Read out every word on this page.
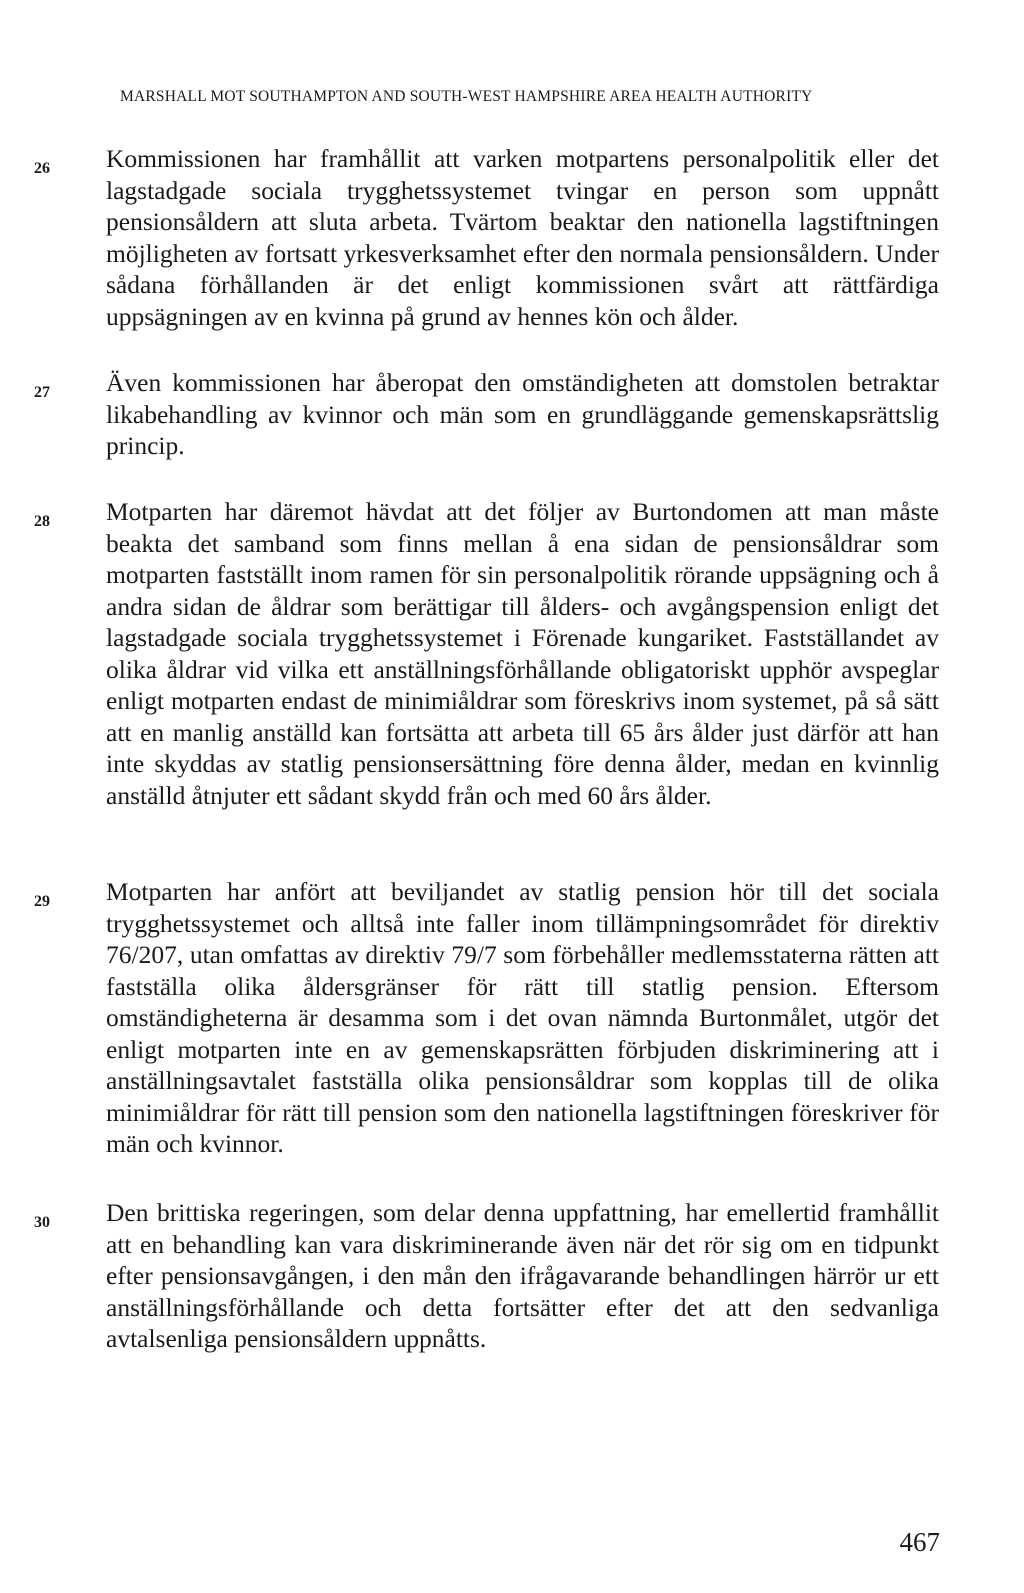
MARSHALL MOT SOUTHAMPTON AND SOUTH-WEST HAMPSHIRE AREA HEALTH AUTHORITY
26 Kommissionen har framhållit att varken motpartens personalpolitik eller det lagstadgade sociala trygghetssystemet tvingar en person som uppnått pensionsåldern att sluta arbeta. Tvärtom beaktar den nationella lagstiftningen möjligheten av fortsatt yrkesverksamhet efter den normala pensionsåldern. Under sådana förhållanden är det enligt kommissionen svårt att rättfärdiga uppsägningen av en kvinna på grund av hennes kön och ålder.

27 Även kommissionen har åberopat den omständigheten att domstolen betraktar likabehandling av kvinnor och män som en grundläggande gemenskapsrättslig princip.

28 Motparten har däremot hävdat att det följer av Burtondomen att man måste beakta det samband som finns mellan å ena sidan de pensionsåldrar som motparten fastställt inom ramen för sin personalpolitik rörande uppsägning och å andra sidan de åldrar som berättigar till ålders- och avgångspension enligt det lagstadgade sociala trygghetssystemet i Förenade kungariket. Fastställandet av olika åldrar vid vilka ett anställningsförhållande obligatoriskt upphör avspeglar enligt motparten endast de minimiåldrar som föreskrivs inom systemet, på så sätt att en manlig anställd kan fortsätta att arbeta till 65 års ålder just därför att han inte skyddas av statlig pensionsersättning före denna ålder, medan en kvinnlig anställd åtnjuter ett sådant skydd från och med 60 års ålder.

29 Motparten har anfört att beviljandet av statlig pension hör till det sociala trygghetssystemet och alltså inte faller inom tillämpningsområdet för direktiv 76/207, utan omfattas av direktiv 79/7 som förbehåller medlemsstaterna rätten att fastställa olika åldersgränser för rätt till statlig pension. Eftersom omständigheterna är desamma som i det ovan nämnda Burtonmålet, utgör det enligt motparten inte en av gemenskapsrätten förbjuden diskriminering att i anställningsavtalet fastställa olika pensionsåldrar som kopplas till de olika minimiåldrar för rätt till pension som den nationella lagstiftningen föreskriver för män och kvinnor.

30 Den brittiska regeringen, som delar denna uppfattning, har emellertid framhållit att en behandling kan vara diskriminerande även när det rör sig om en tidpunkt efter pensionsavgången, i den mån den ifrågavarande behandlingen härrör ur ett anställningsförhållande och detta fortsätter efter det att den sedvanliga avtalsenliga pensionsåldern uppnåtts.

467
